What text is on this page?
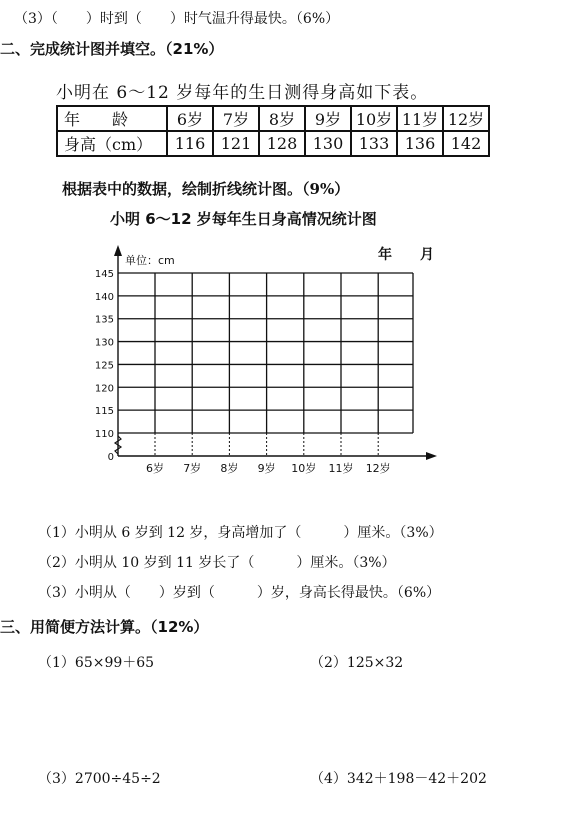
（3）（　　）时到（　　）时气温升得最快。（6%）
二、完成统计图并填空。（21%）
小明在 6～12 岁每年的生日测得身高如下表。
年　　龄	6岁	7岁	8岁	9岁	10岁	11岁	12岁
身高（cm）	116	121	128	130	133	136	142
根据表中的数据，绘制折线统计图。（9%）
小明 6～12 岁每年生日身高情况统计图
年　　月
0
110
115
120
125
130
135
140
145
6岁 7岁 8岁 9岁 10岁 11岁 12岁
单位：cm
（1）小明从 6 岁到 12 岁，身高增加了（　　　）厘米。（3%）
（2）小明从 10 岁到 11 岁长了（　　　）厘米。（3%）
（3）小明从（　　）岁到（　　　）岁，身高长得最快。（6%）
三、用简便方法计算。（12%）
（1）65×99＋65	（2）125×32
（3）2700÷45÷2	（4）342＋198－42＋202
